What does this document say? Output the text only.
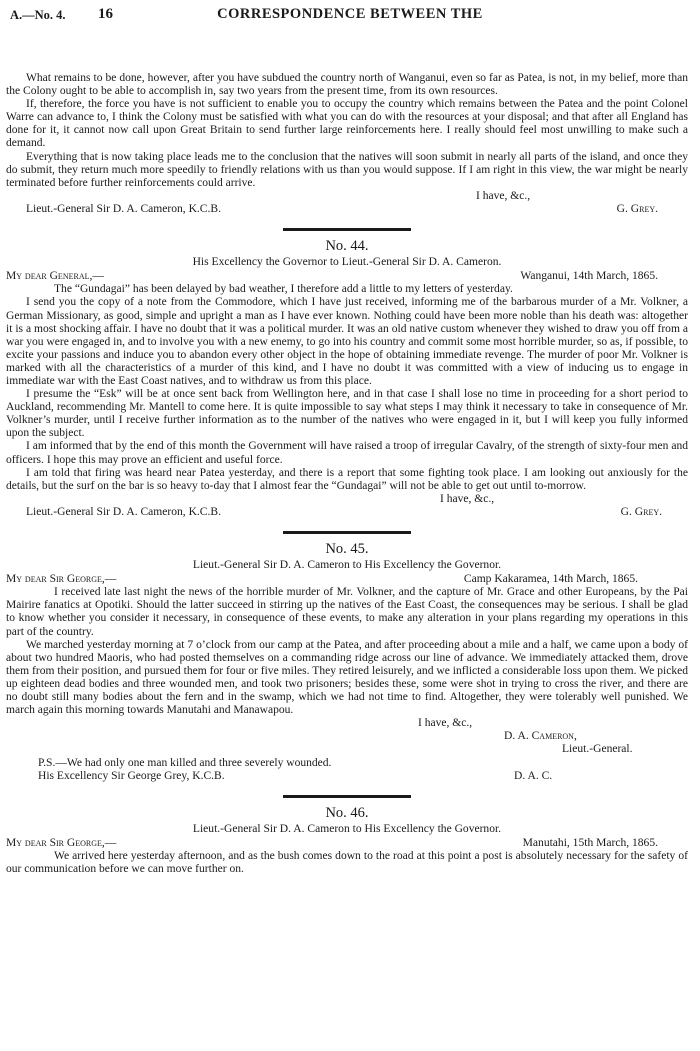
A.—No. 4. 16	CORRESPONDENCE BETWEEN THE

What remains to be done, however, after you have subdued the country north of Wanganui, even so far as Patea, is not, in my belief, more than the Colony ought to be able to accomplish in, say two years from the present time, from its own resources.

If, therefore, the force you have is not sufficient to enable you to occupy the country which remains between the Patea and the point Colonel Warre can advance to, I think the Colony must be satisfied with what you can do with the resources at your disposal; and that after all England has done for it, it cannot now call upon Great Britain to send further large reinforcements here. I really should feel most unwilling to make such a demand.

Everything that is now taking place leads me to the conclusion that the natives will soon submit in nearly all parts of the island, and once they do submit, they return much more speedily to friendly relations with us than you would suppose. If I am right in this view, the war might be nearly terminated before further reinforcements could arrive.

I have, &c.,
Lieut.-General Sir D. A. Cameron, K.C.B.	G. Grey.
No. 44.
His Excellency the Governor to Lieut.-General Sir D. A. Cameron.
My dear General,—	Wanganui, 14th March, 1865.

The “Gundagai” has been delayed by bad weather, I therefore add a little to my letters of yesterday.

I send you the copy of a note from the Commodore, which I have just received, informing me of the barbarous murder of a Mr. Volkner, a German Missionary, as good, simple and upright a man as I have ever known. Nothing could have been more noble than his death was: altogether it is a most shocking affair. I have no doubt that it was a political murder. It was an old native custom whenever they wished to draw you off from a war you were engaged in, and to involve you with a new enemy, to go into his country and commit some most horrible murder, so as, if possible, to excite your passions and induce you to abandon every other object in the hope of obtaining immediate revenge. The murder of poor Mr. Volkner is marked with all the characteristics of a murder of this kind, and I have no doubt it was committed with a view of inducing us to engage in immediate war with the East Coast natives, and to withdraw us from this place.

I presume the “Esk” will be at once sent back from Wellington here, and in that case I shall lose no time in proceeding for a short period to Auckland, recommending Mr. Mantell to come here. It is quite impossible to say what steps I may think it necessary to take in consequence of Mr. Volkner’s murder, until I receive further information as to the number of the natives who were engaged in it, but I will keep you fully informed upon the subject.

I am informed that by the end of this month the Government will have raised a troop of irregular Cavalry, of the strength of sixty-four men and officers. I hope this may prove an efficient and useful force.

I am told that firing was heard near Patea yesterday, and there is a report that some fighting took place. I am looking out anxiously for the details, but the surf on the bar is so heavy to-day that I almost fear the “Gundagai” will not be able to get out until to-morrow.

I have, &c.,
Lieut.-General Sir D. A. Cameron, K.C.B.	G. Grey.
No. 45.
Lieut.-General Sir D. A. Cameron to His Excellency the Governor.
My dear Sir George,—	Camp Kakaramea, 14th March, 1865.

I received late last night the news of the horrible murder of Mr. Volkner, and the capture of Mr. Grace and other Europeans, by the Pai Mairire fanatics at Opotiki. Should the latter succeed in stirring up the natives of the East Coast, the consequences may be serious. I shall be glad to know whether you consider it necessary, in consequence of these events, to make any alteration in your plans regarding my operations in this part of the country.

We marched yesterday morning at 7 o’clock from our camp at the Patea, and after proceeding about a mile and a half, we came upon a body of about two hundred Maoris, who had posted themselves on a commanding ridge across our line of advance. We immediately attacked them, drove them from their position, and pursued them for four or five miles. They retired leisurely, and we inflicted a considerable loss upon them. We picked up eighteen dead bodies and three wounded men, and took two prisoners; besides these, some were shot in trying to cross the river, and there are no doubt still many bodies about the fern and in the swamp, which we had not time to find. Altogether, they were tolerably well punished. We march again this morning towards Manutahi and Manawapou.

I have, &c.,
D. A. Cameron,
Lieut.-General.
P.S.—We had only one man killed and three severely wounded.
His Excellency Sir George Grey, K.C.B.	D. A. C.
No. 46.
Lieut.-General Sir D. A. Cameron to His Excellency the Governor.
My dear Sir George,—	Manutahi, 15th March, 1865.

We arrived here yesterday afternoon, and as the bush comes down to the road at this point a post is absolutely necessary for the safety of our communication before we can move further on.
